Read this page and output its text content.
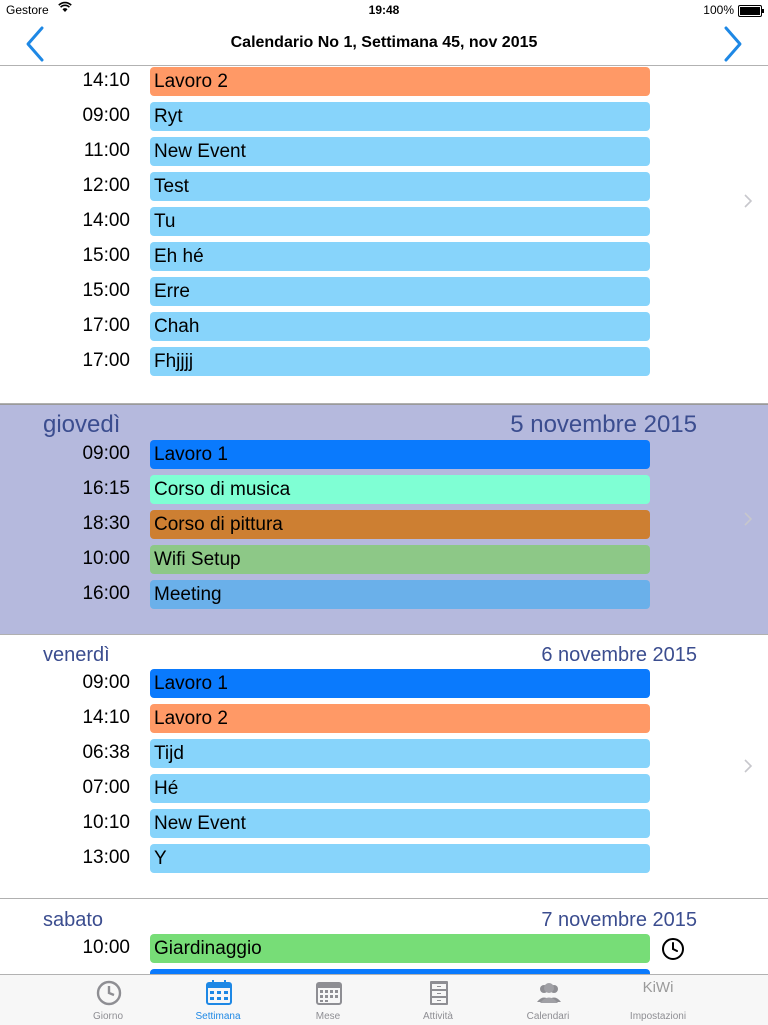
Gestore	19:48	100%
Calendario No 1, Settimana 45, nov 2015
14:10 Lavoro 2
09:00 Ryt
11:00 New Event
12:00 Test
14:00 Tu
15:00 Eh hé
15:00 Erre
17:00 Chah
17:00 Fhjjjj
giovedì	5 novembre 2015
09:00 Lavoro 1
16:15 Corso di musica
18:30 Corso di pittura
10:00 Wifi Setup
16:00 Meeting
venerdì	6 novembre 2015
09:00 Lavoro 1
14:10 Lavoro 2
06:38 Tijd
07:00 Hé
10:10 New Event
13:00 Y
sabato	7 novembre 2015
10:00 Giardinaggio
Giorno	Settimana	Mese	Attività	Calendari
KiWi
Impostazioni
